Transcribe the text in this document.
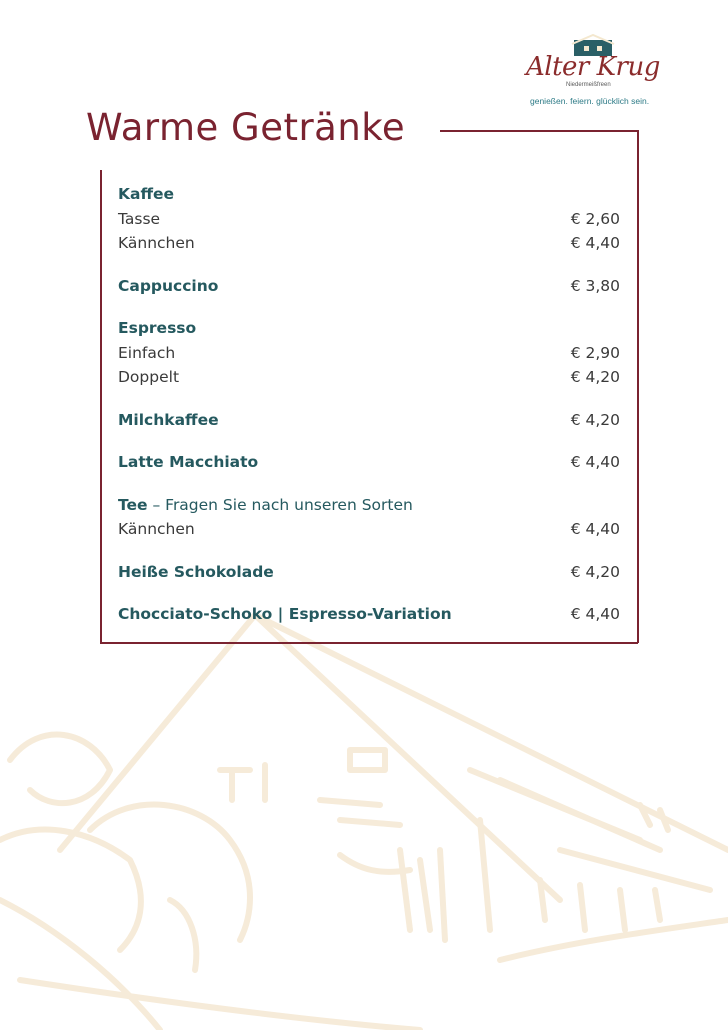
Alter Krug
Niedermeißfreen
genießen. feiern. glücklich sein.
Warme Getränke
Kaffee
Tasse	€ 2,60
Kännchen	€ 4,40
Cappuccino	€ 3,80
Espresso
Einfach	€ 2,90
Doppelt	€ 4,20
Milchkaffee	€ 4,20
Latte Macchiato	€ 4,40
Tee – Fragen Sie nach unseren Sorten
Kännchen	€ 4,40
Heiße Schokolade	€ 4,20
Chocciato-Schoko | Espresso-Variation	€ 4,40
